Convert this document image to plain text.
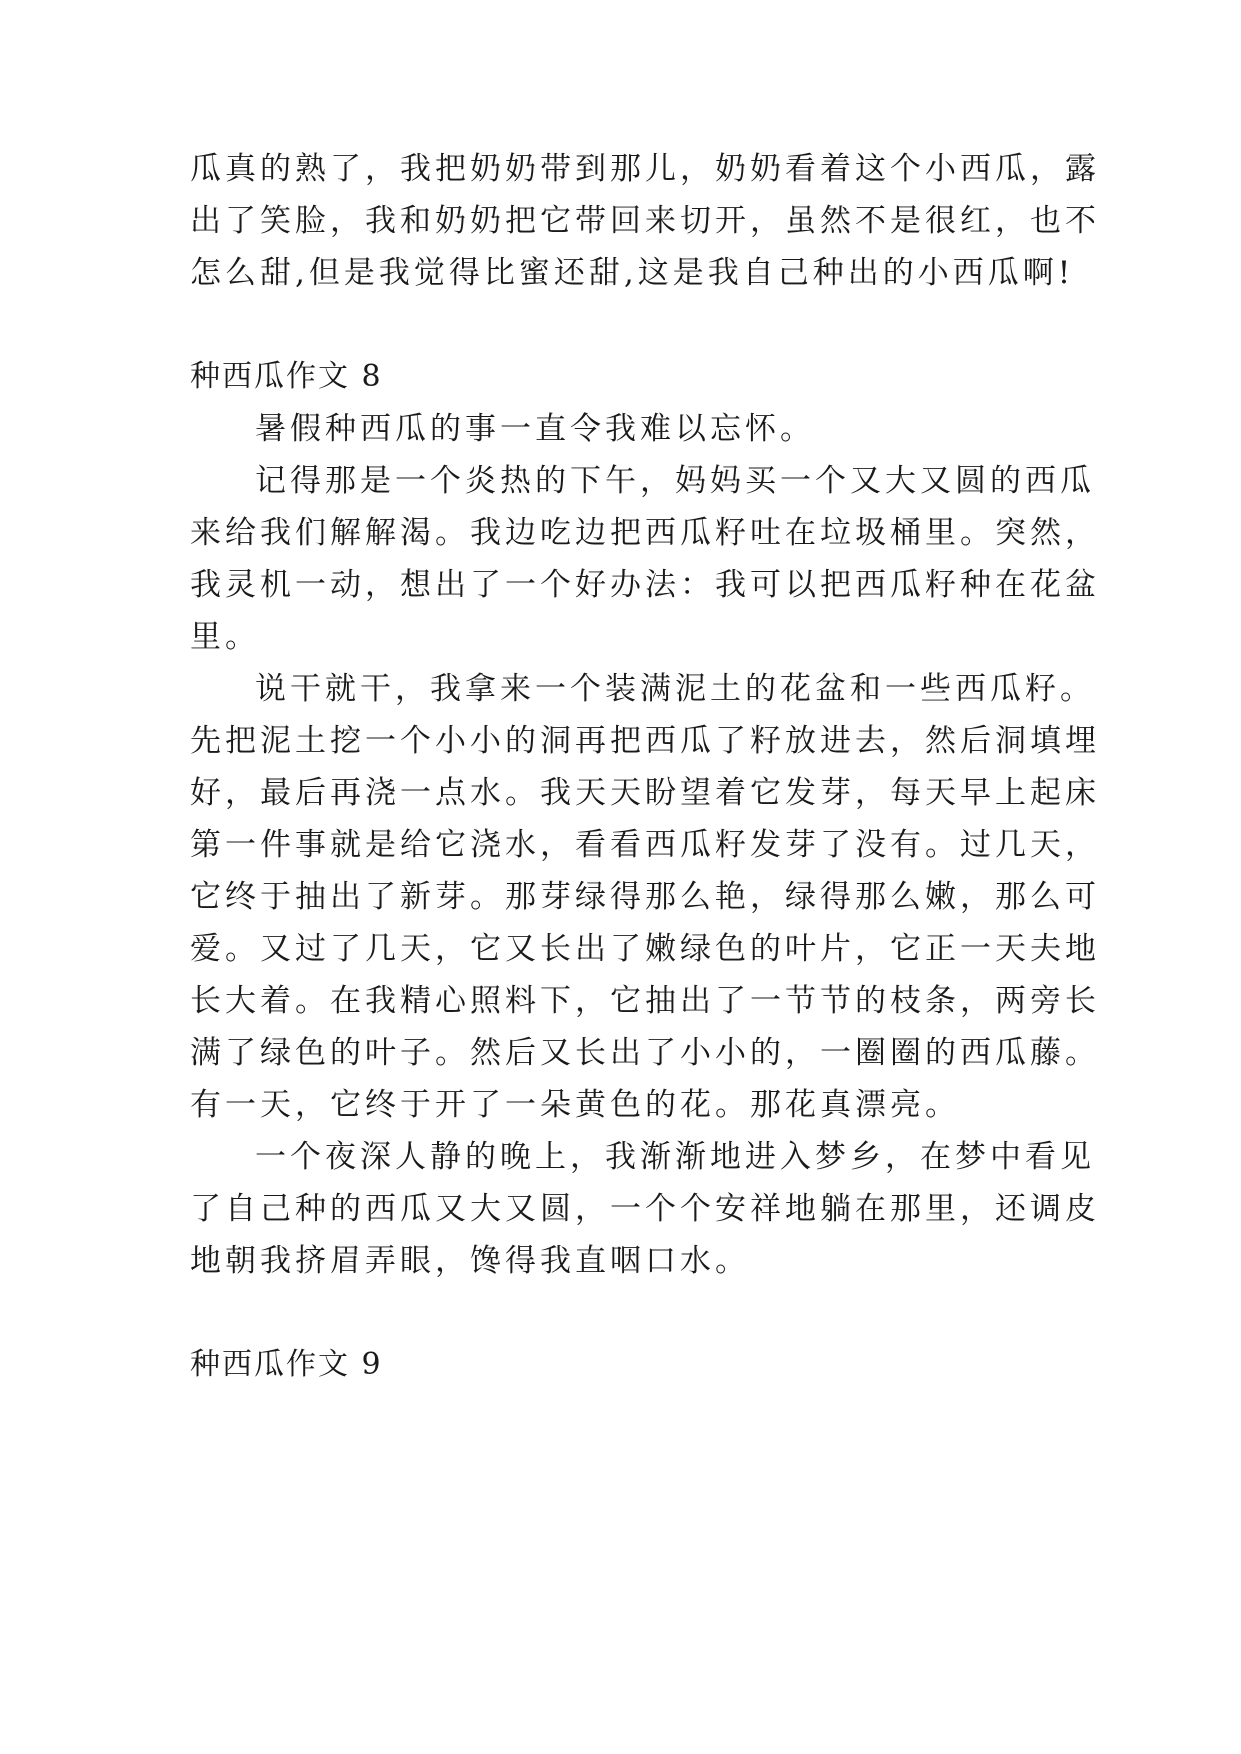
瓜真的熟了，我把奶奶带到那儿，奶奶看着这个小西瓜，露
出了笑脸，我和奶奶把它带回来切开，虽然不是很红，也不
怎么甜,但是我觉得比蜜还甜,这是我自己种出的小西瓜啊!
种西瓜作文 8
暑假种西瓜的事一直令我难以忘怀。
记得那是一个炎热的下午，妈妈买一个又大又圆的西瓜
来给我们解解渴。我边吃边把西瓜籽吐在垃圾桶里。突然，
我灵机一动，想出了一个好办法：我可以把西瓜籽种在花盆
里。
说干就干，我拿来一个装满泥土的花盆和一些西瓜籽。
先把泥土挖一个小小的洞再把西瓜了籽放进去，然后洞填埋
好，最后再浇一点水。我天天盼望着它发芽，每天早上起床
第一件事就是给它浇水，看看西瓜籽发芽了没有。过几天，
它终于抽出了新芽。那芽绿得那么艳，绿得那么嫩，那么可
爱。又过了几天，它又长出了嫩绿色的叶片，它正一天夫地
长大着。在我精心照料下，它抽出了一节节的枝条，两旁长
满了绿色的叶子。然后又长出了小小的，一圈圈的西瓜藤。
有一天，它终于开了一朵黄色的花。那花真漂亮。
一个夜深人静的晚上，我渐渐地进入梦乡，在梦中看见
了自己种的西瓜又大又圆，一个个安祥地躺在那里，还调皮
地朝我挤眉弄眼，馋得我直咽口水。
种西瓜作文 9
